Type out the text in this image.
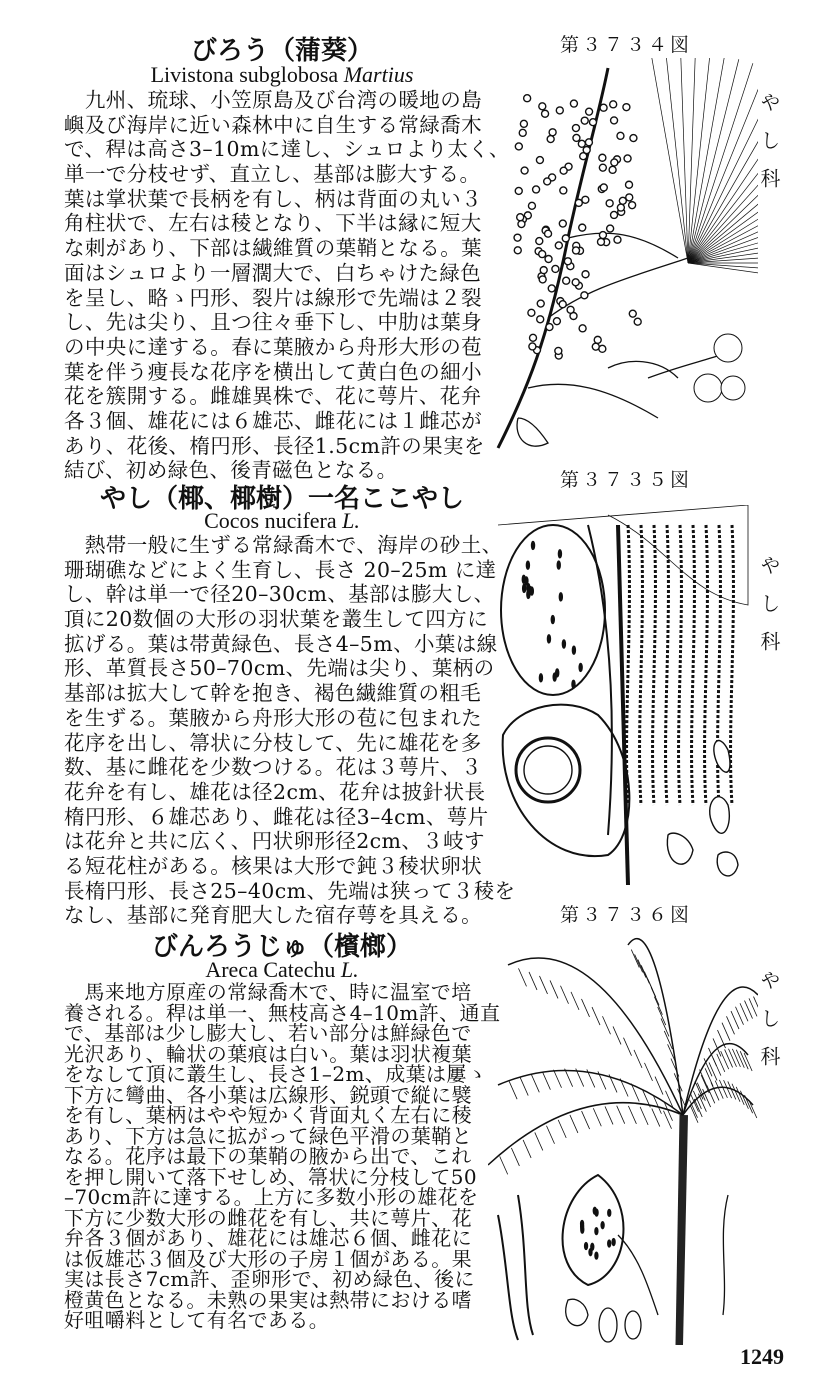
びろう（蒲葵）
Livistona subglobosa Martius
　九州、琉球、小笠原島及び台湾の暖地の島
嶼及び海岸に近い森林中に自生する常緑喬木
で、稈は高さ3–10mに達し、シュロより太く、
単一で分枝せず、直立し、基部は膨大する。
葉は掌状葉で長柄を有し、柄は背面の丸い３
角柱状で、左右は稜となり、下半は縁に短大
な刺があり、下部は繊維質の葉鞘となる。葉
面はシュロより一層濶大で、白ちゃけた緑色
を呈し、略ゝ円形、裂片は線形で先端は２裂
し、先は尖り、且つ往々垂下し、中肋は葉身
の中央に達する。春に葉腋から舟形大形の苞
葉を伴う痩長な花序を横出して黄白色の細小
花を簇開する。雌雄異株で、花に萼片、花弁
各３個、雄花には６雄芯、雌花には１雌芯が
あり、花後、楕円形、長径1.5cm許の果実を
結び、初め緑色、後青磁色となる。
やし（椰、椰樹）一名ここやし
Cocos nucifera L.
　熱帯一般に生ずる常緑喬木で、海岸の砂土、
珊瑚礁などによく生育し、長さ 20–25m に達
し、幹は単一で径20–30cm、基部は膨大し、
頂に20数個の大形の羽状葉を叢生して四方に
拡げる。葉は帯黄緑色、長さ4–5m、小葉は線
形、革質長さ50–70cm、先端は尖り、葉柄の
基部は拡大して幹を抱き、褐色繊維質の粗毛
を生ずる。葉腋から舟形大形の苞に包まれた
花序を出し、箒状に分枝して、先に雄花を多
数、基に雌花を少数つける。花は３萼片、３
花弁を有し、雄花は径2cm、花弁は披針状長
楕円形、６雄芯あり、雌花は径3–4cm、萼片
は花弁と共に広く、円状卵形径2cm、３岐す
る短花柱がある。核果は大形で鈍３稜状卵状
長楕円形、長さ25–40cm、先端は狭って３稜を
なし、基部に発育肥大した宿存萼を具える。
びんろうじゅ（檳榔）
Areca Catechu L.
　馬来地方原産の常緑喬木で、時に温室で培
養される。稈は単一、無枝高さ4–10m許、通直
で、基部は少し膨大し、若い部分は鮮緑色で
光沢あり、輪状の葉痕は白い。葉は羽状複葉
をなして頂に叢生し、長さ1–2m、成葉は屢ゝ
下方に彎曲、各小葉は広線形、鋭頭で縦に襞
を有し、葉柄はやや短かく背面丸く左右に稜
あり、下方は急に拡がって緑色平滑の葉鞘と
なる。花序は最下の葉鞘の腋から出で、これ
を押し開いて落下せしめ、箒状に分枝して50
–70cm許に達する。上方に多数小形の雄花を
下方に少数大形の雌花を有し、共に萼片、花
弁各３個があり、雄花には雄芯６個、雌花に
は仮雄芯３個及び大形の子房１個がある。果
実は長さ7cm許、歪卵形で、初め緑色、後に
橙黄色となる。未熟の果実は熱帯における嗜
好咀嚼料として有名である。
第３７３４図
第３７３５図
第３７３６図
やし科
やし科
やし科
1249
